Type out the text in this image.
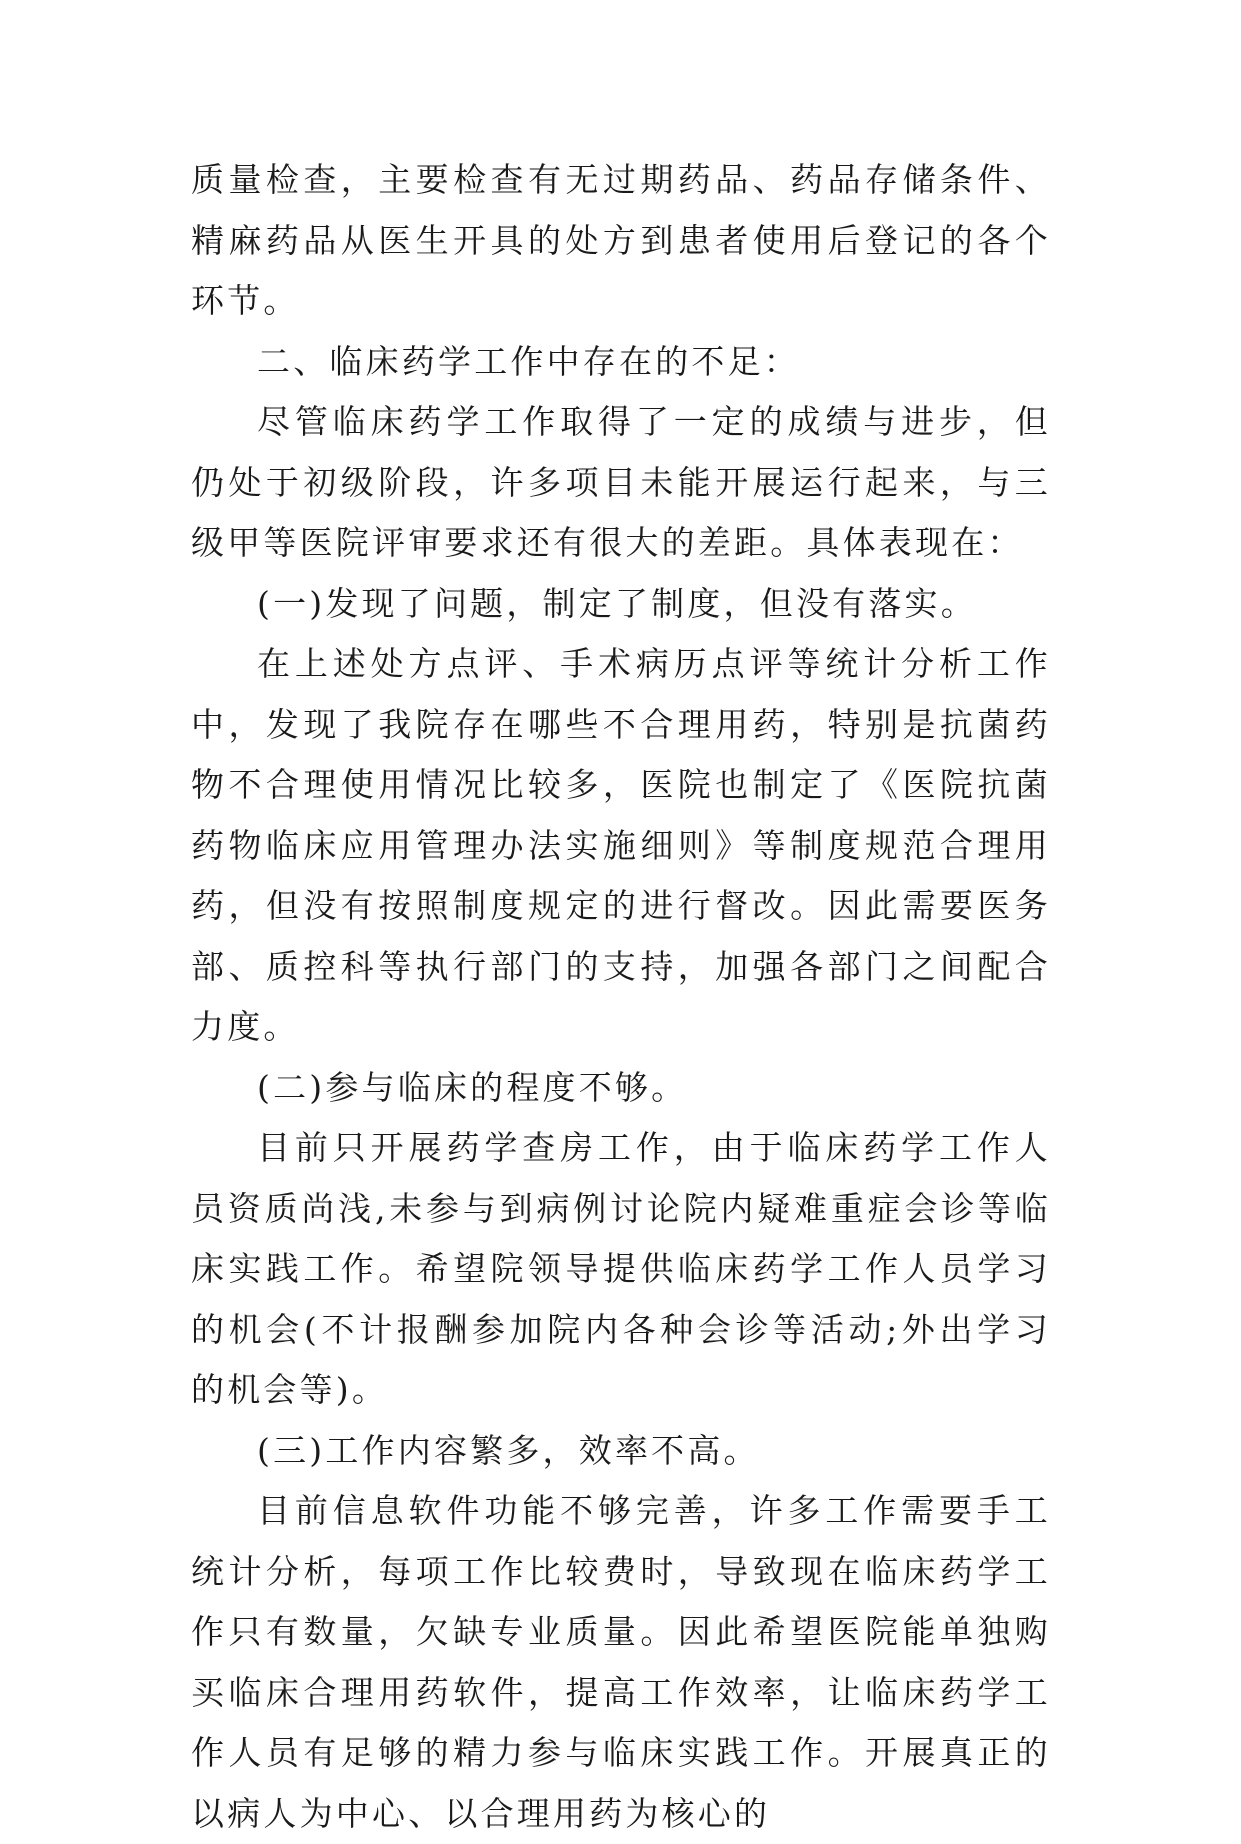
质量检查，主要检查有无过期药品、药品存储条件、精麻药品从医生开具的处方到患者使用后登记的各个环节。

二、临床药学工作中存在的不足：

尽管临床药学工作取得了一定的成绩与进步，但仍处于初级阶段，许多项目未能开展运行起来，与三级甲等医院评审要求还有很大的差距。具体表现在：

(一)发现了问题，制定了制度，但没有落实。

在上述处方点评、手术病历点评等统计分析工作中，发现了我院存在哪些不合理用药，特别是抗菌药物不合理使用情况比较多，医院也制定了《医院抗菌药物临床应用管理办法实施细则》等制度规范合理用药，但没有按照制度规定的进行督改。因此需要医务部、质控科等执行部门的支持，加强各部门之间配合力度。

(二)参与临床的程度不够。

目前只开展药学查房工作，由于临床药学工作人员资质尚浅,未参与到病例讨论院内疑难重症会诊等临床实践工作。希望院领导提供临床药学工作人员学习的机会(不计报酬参加院内各种会诊等活动;外出学习的机会等)。

(三)工作内容繁多，效率不高。

目前信息软件功能不够完善，许多工作需要手工统计分析，每项工作比较费时，导致现在临床药学工作只有数量，欠缺专业质量。因此希望医院能单独购买临床合理用药软件，提高工作效率，让临床药学工作人员有足够的精力参与临床实践工作。开展真正的以病人为中心、以合理用药为核心的
